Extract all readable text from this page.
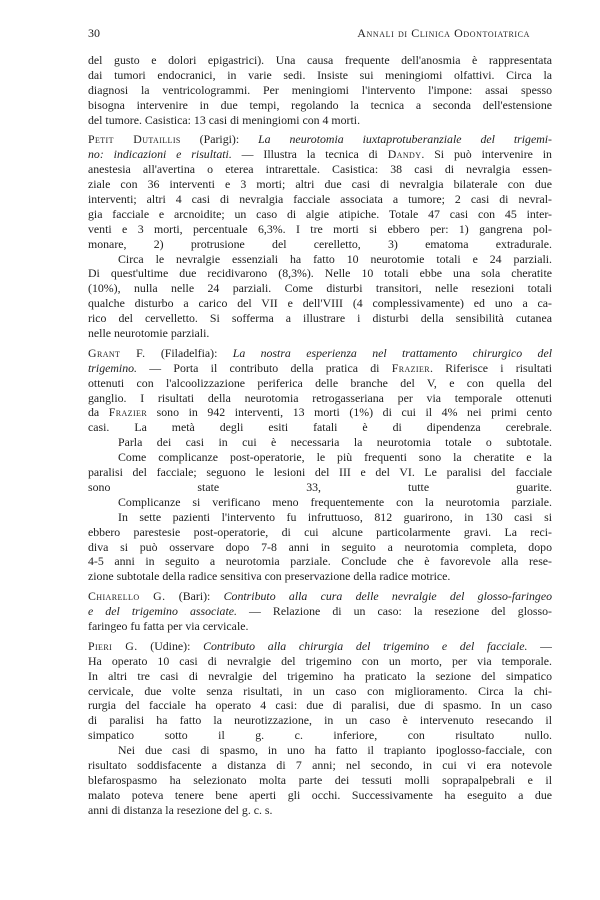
30	Annali di Clinica Odontoiatrica
del gusto e dolori epigastrici). Una causa frequente dell'anosmia è rappresentata
dai tumori endocranici, in varie sedi. Insiste sui meningiomi olfattivi. Circa la
diagnosi la ventricologrammi. Per meningiomi l'intervento l'impone: assai spesso
bisogna intervenire in due tempi, regolando la tecnica a seconda dell'estensione
del tumore. Casistica: 13 casi di meningiomi con 4 morti.
Petit Dutaillis (Parigi): La neurotomia iuxtaprotuberanziale del trigemi-
no: indicazioni e risultati. — Illustra la tecnica di Dandy. Si può intervenire in
anestesia all'avertina o eterea intrarettale. Casistica: 38 casi di nevralgia essen-
ziale con 36 interventi e 3 morti; altri due casi di nevralgia bilaterale con due
interventi; altri 4 casi di nevralgia facciale associata a tumore; 2 casi di nevral-
gia facciale e arcnoidite; un caso di algie atipiche. Totale 47 casi con 45 inter-
venti e 3 morti, percentuale 6,3%. I tre morti si ebbero per: 1) gangrena pol-
monare, 2) protrusione del cerelletto, 3) ematoma extradurale.
Circa le nevralgie essenziali ha fatto 10 neurotomie totali e 24 parziali.
Di quest'ultime due recidivarono (8,3%). Nelle 10 totali ebbe una sola cheratite
(10%), nulla nelle 24 parziali. Come disturbi transitori, nelle resezioni totali
qualche disturbo a carico del VII e dell'VIII (4 complessivamente) ed uno a ca-
rico del cervelletto. Si sofferma a illustrare i disturbi della sensibilità cutanea
nelle neurotomie parziali.
Grant F. (Filadelfia): La nostra esperienza nel trattamento chirurgico del
trigemino. — Porta il contributo della pratica di Frazier. Riferisce i risultati
ottenuti con l'alcoolizzazione periferica delle branche del V, e con quella del
ganglio. I risultati della neurotomia retrogasseriana per via temporale ottenuti
da Frazier sono in 942 interventi, 13 morti (1%) di cui il 4% nei primi cento
casi. La metà degli esiti fatali è di dipendenza cerebrale.
Parla dei casi in cui è necessaria la neurotomia totale o subtotale.
Come complicanze post-operatorie, le più frequenti sono la cheratite e la
paralisi del facciale; seguono le lesioni del III e del VI. Le paralisi del facciale
sono state 33, tutte guarite.
Complicanze si verificano meno frequentemente con la neurotomia parziale.
In sette pazienti l'intervento fu infruttuoso, 812 guarirono, in 130 casi si
ebbero parestesie post-operatorie, di cui alcune particolarmente gravi. La reci-
diva si può osservare dopo 7-8 anni in seguito a neurotomia completa, dopo
4-5 anni in seguito a neurotomia parziale. Conclude che è favorevole alla rese-
zione subtotale della radice sensitiva con preservazione della radice motrice.
Chiarello G. (Bari): Contributo alla cura delle nevralgie del glosso-faringeo
e del trigemino associate. — Relazione di un caso: la resezione del glosso-
faringeo fu fatta per via cervicale.
Pieri G. (Udine): Contributo alla chirurgia del trigemino e del facciale. —
Ha operato 10 casi di nevralgie del trigemino con un morto, per via temporale.
In altri tre casi di nevralgie del trigemino ha praticato la sezione del simpatico
cervicale, due volte senza risultati, in un caso con miglioramento. Circa la chi-
rurgia del facciale ha operato 4 casi: due di paralisi, due di spasmo. In un caso
di paralisi ha fatto la neurotizzazione, in un caso è intervenuto resecando il
simpatico sotto il g. c. inferiore, con risultato nullo.
Nei due casi di spasmo, in uno ha fatto il trapianto ipoglosso-facciale, con
risultato soddisfacente a distanza di 7 anni; nel secondo, in cui vi era notevole
blefarospasmo ha selezionato molta parte dei tessuti molli soprapalpebrali e il
malato poteva tenere bene aperti gli occhi. Successivamente ha eseguito a due
anni di distanza la resezione del g. c. s.
